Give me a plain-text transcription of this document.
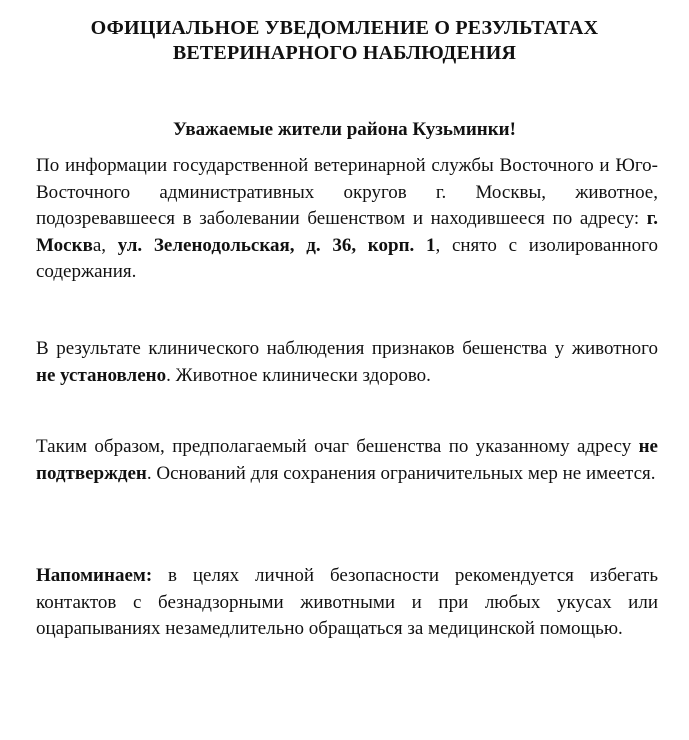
ОФИЦИАЛЬНОЕ УВЕДОМЛЕНИЕ О РЕЗУЛЬТАТАХ
ВЕТЕРИНАРНОГО НАБЛЮДЕНИЯ
Уважаемые жители района Кузьминки!
По информации государственной ветеринарной службы Восточного и Юго-Восточного административных округов г. Москвы, животное, подозревавшееся в заболевании бешенством и находившееся по адресу: г. Москва, ул. Зеленодольская, д. 36, корп. 1, снято с изолированного содержания.
В результате клинического наблюдения признаков бешенства у животного не установлено. Животное клинически здорово.
Таким образом, предполагаемый очаг бешенства по указанному адресу не подтвержден. Оснований для сохранения ограничительных мер не имеется.
Напоминаем: в целях личной безопасности рекомендуется избегать контактов с безнадзорными животными и при любых укусах или оцарапываниях незамедлительно обращаться за медицинской помощью.
